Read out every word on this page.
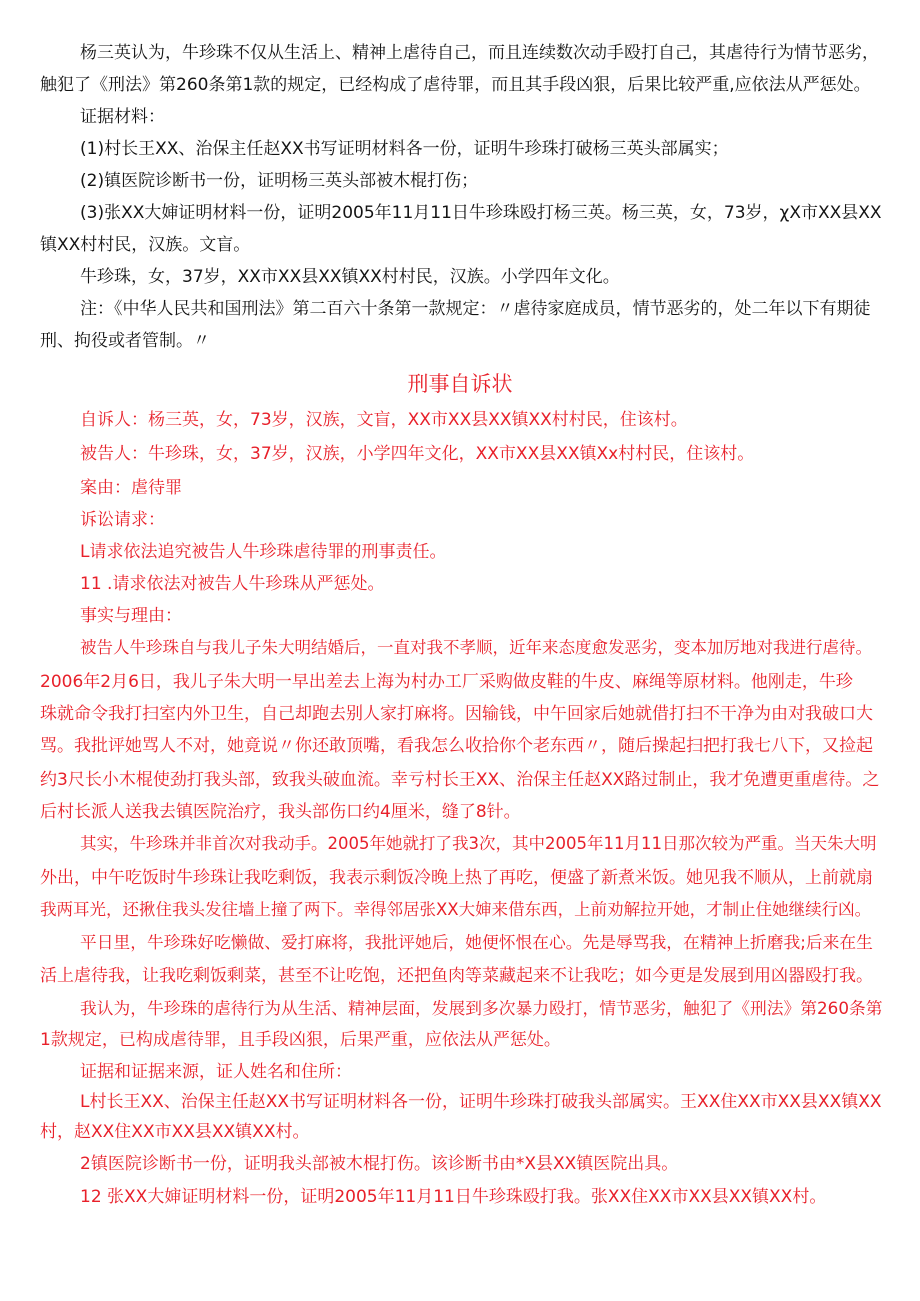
杨三英认为，牛珍珠不仅从生活上、精神上虐待自己，而且连续数次动手殴打自己，其虐待行为情节恶劣，
触犯了《刑法》第260条第1款的规定，已经构成了虐待罪，而且其手段凶狠，后果比较严重,应依法从严惩处。
证据材料：
(1)村长王XX、治保主任赵XX书写证明材料各一份，证明牛珍珠打破杨三英头部属实；
(2)镇医院诊断书一份，证明杨三英头部被木棍打伤；
(3)张XX大婶证明材料一份，证明2005年11月11日牛珍珠殴打杨三英。杨三英，女，73岁，χX市XX县XX
镇XX村村民，汉族。文盲。
牛珍珠，女，37岁，XX市XX县XX镇XX村村民，汉族。小学四年文化。
注：《中华人民共和国刑法》第二百六十条第一款规定：〃虐待家庭成员，情节恶劣的，处二年以下有期徒
刑、拘役或者管制。〃
刑事自诉状
自诉人：杨三英，女，73岁，汉族，文盲，XX市XX县XX镇XX村村民，住该村。
被告人：牛珍珠，女，37岁，汉族，小学四年文化，XX市XX县XX镇Xx村村民，住该村。
案由：虐待罪
诉讼请求：
L请求依法追究被告人牛珍珠虐待罪的刑事责任。
11 .请求依法对被告人牛珍珠从严惩处。
事实与理由：
被告人牛珍珠自与我儿子朱大明结婚后，一直对我不孝顺，近年来态度愈发恶劣，变本加厉地对我进行虐待。
2006年2月6日，我儿子朱大明一早出差去上海为村办工厂采购做皮鞋的牛皮、麻绳等原材料。他刚走，牛珍
珠就命令我打扫室内外卫生，自己却跑去别人家打麻将。因输钱，中午回家后她就借打扫不干净为由对我破口大
骂。我批评她骂人不对，她竟说〃你还敢顶嘴，看我怎么收拾你个老东西〃，随后操起扫把打我七八下，又捡起
约3尺长小木棍使劲打我头部，致我头破血流。幸亏村长王XX、治保主任赵XX路过制止，我才免遭更重虐待。之
后村长派人送我去镇医院治疗，我头部伤口约4厘米，缝了8针。
其实，牛珍珠并非首次对我动手。2005年她就打了我3次，其中2005年11月11日那次较为严重。当天朱大明
外出，中午吃饭时牛珍珠让我吃剩饭，我表示剩饭冷晚上热了再吃，便盛了新煮米饭。她见我不顺从，上前就扇
我两耳光，还揪住我头发往墙上撞了两下。幸得邻居张XX大婶来借东西，上前劝解拉开她，才制止住她继续行凶。
平日里，牛珍珠好吃懒做、爱打麻将，我批评她后，她便怀恨在心。先是辱骂我，在精神上折磨我;后来在生
活上虐待我，让我吃剩饭剩菜，甚至不让吃饱，还把鱼肉等菜藏起来不让我吃；如今更是发展到用凶器殴打我。
我认为，牛珍珠的虐待行为从生活、精神层面，发展到多次暴力殴打，情节恶劣，触犯了《刑法》第260条第
1款规定，已构成虐待罪，且手段凶狠，后果严重，应依法从严惩处。
证据和证据来源，证人姓名和住所：
L村长王XX、治保主任赵XX书写证明材料各一份，证明牛珍珠打破我头部属实。王XX住XX市XX县XX镇XX
村，赵XX住XX市XX县XX镇XX村。
2镇医院诊断书一份，证明我头部被木棍打伤。该诊断书由*X县XX镇医院出具。
12 张XX大婶证明材料一份，证明2005年11月11日牛珍珠殴打我。张XX住XX市XX县XX镇XX村。
